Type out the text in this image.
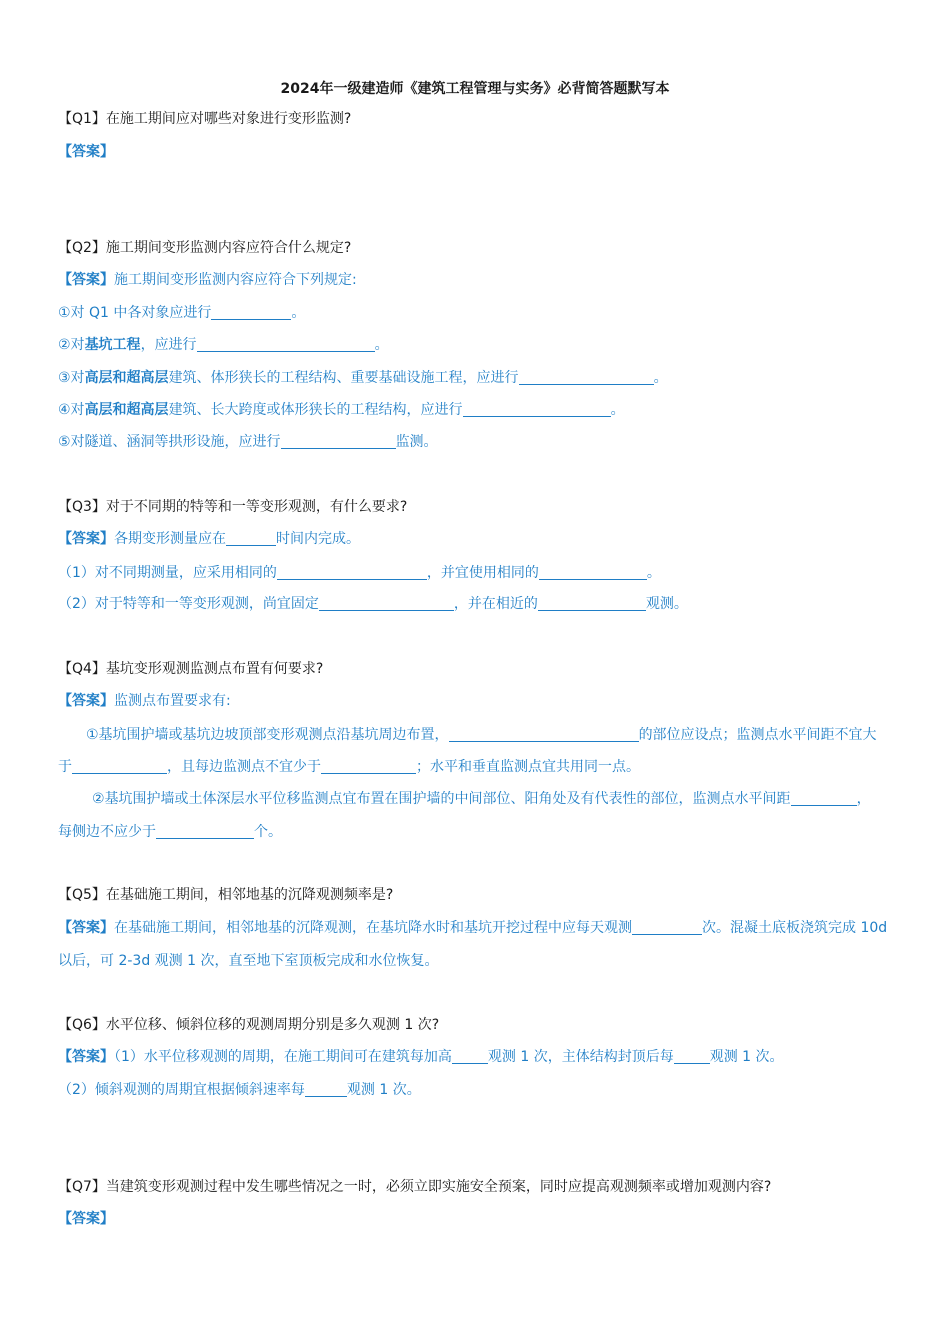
2024年一级建造师《建筑工程管理与实务》必背简答题默写本
【Q1】在施工期间应对哪些对象进行变形监测?
【答案】
【Q2】施工期间变形监测内容应符合什么规定?
【答案】施工期间变形监测内容应符合下列规定:
①对 Q1 中各对象应进行	。
②对基坑工程，应进行	。
③对高层和超高层建筑、体形狭长的工程结构、重要基础设施工程，应进行	。
④对高层和超高层建筑、长大跨度或体形狭长的工程结构，应进行	。
⑤对隧道、涵洞等拱形设施，应进行	监测。
【Q3】对于不同期的特等和一等变形观测，有什么要求?
【答案】各期变形测量应在	时间内完成。
（1）对不同期测量，应采用相同的	，并宜使用相同的	。
（2）对于特等和一等变形观测，尚宜固定	，并在相近的	观测。
【Q4】基坑变形观测监测点布置有何要求?
【答案】监测点布置要求有:
①基坑围护墙或基坑边坡顶部变形观测点沿基坑周边布置，	的部位应设点；监测点水平间距不宜大
于	，且每边监测点不宜少于	；水平和垂直监测点宜共用同一点。
②基坑围护墙或土体深层水平位移监测点宜布置在围护墙的中间部位、阳角处及有代表性的部位，监测点水平间距	，
每侧边不应少于	个。
【Q5】在基础施工期间，相邻地基的沉降观测频率是?
【答案】在基础施工期间，相邻地基的沉降观测，在基坑降水时和基坑开挖过程中应每天观测	次。混凝土底板浇筑完成 10d
以后，可 2-3d 观测 1 次，直至地下室顶板完成和水位恢复。
【Q6】水平位移、倾斜位移的观测周期分别是多久观测 1 次?
【答案】（1）水平位移观测的周期，在施工期间可在建筑每加高	观测 1 次，主体结构封顶后每	观测 1 次。
（2）倾斜观测的周期宜根据倾斜速率每	观测 1 次。
【Q7】当建筑变形观测过程中发生哪些情况之一时，必须立即实施安全预案，同时应提高观测频率或增加观测内容?
【答案】
